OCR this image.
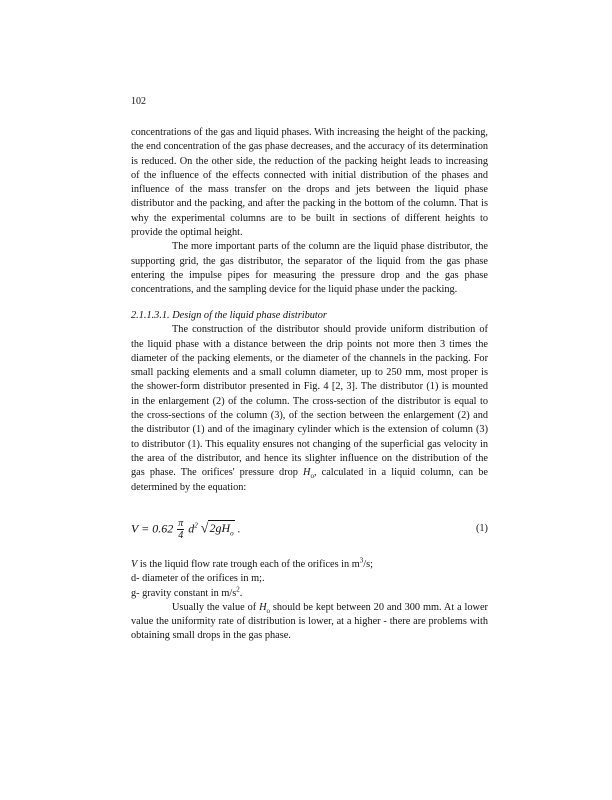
102

concentrations of the gas and liquid phases. With increasing the height of the packing, the end concentration of the gas phase decreases, and the accuracy of its determination is reduced. On the other side, the reduction of the packing height leads to increasing of the influence of the effects connected with initial distribution of the phases and influence of the mass transfer on the drops and jets between the liquid phase distributor and the packing, and after the packing in the bottom of the column. That is why the experimental columns are to be built in sections of different heights to provide the optimal height.

The more important parts of the column are the liquid phase distributor, the supporting grid, the gas distributor, the separator of the liquid from the gas phase entering the impulse pipes for measuring the pressure drop and the gas phase concentrations, and the sampling device for the liquid phase under the packing.

2.1.1.3.1. Design of the liquid phase distributor

The construction of the distributor should provide uniform distribution of the liquid phase with a distance between the drip points not more then 3 times the diameter of the packing elements, or the diameter of the channels in the packing. For small packing elements and a small column diameter, up to 250 mm, most proper is the shower-form distributor presented in Fig. 4 [2, 3]. The distributor (1) is mounted in the enlargement (2) of the column. The cross-section of the distributor is equal to the cross-sections of the column (3), of the section between the enlargement (2) and the distributor (1) and of the imaginary cylinder which is the extension of column (3) to distributor (1). This equality ensures not changing of the superficial gas velocity in the area of the distributor, and hence its slighter influence on the distribution of the gas phase. The orifices' pressure drop $H_o$, calculated in a liquid column, can be determined by the equation:

$V = 0.62 \frac{\pi}{4} d^2$ $√2gH_o$ .	(1)

V is the liquid flow rate trough each of the orifices in $m^3/s$;

d- diameter of the orifices in m;.

g- gravity constant in $m/s^2$.

Usually the value of $H_o$ should be kept between 20 and 300 mm. At a lower value the uniformity rate of distribution is lower, at a higher - there are problems with obtaining small drops in the gas phase.
